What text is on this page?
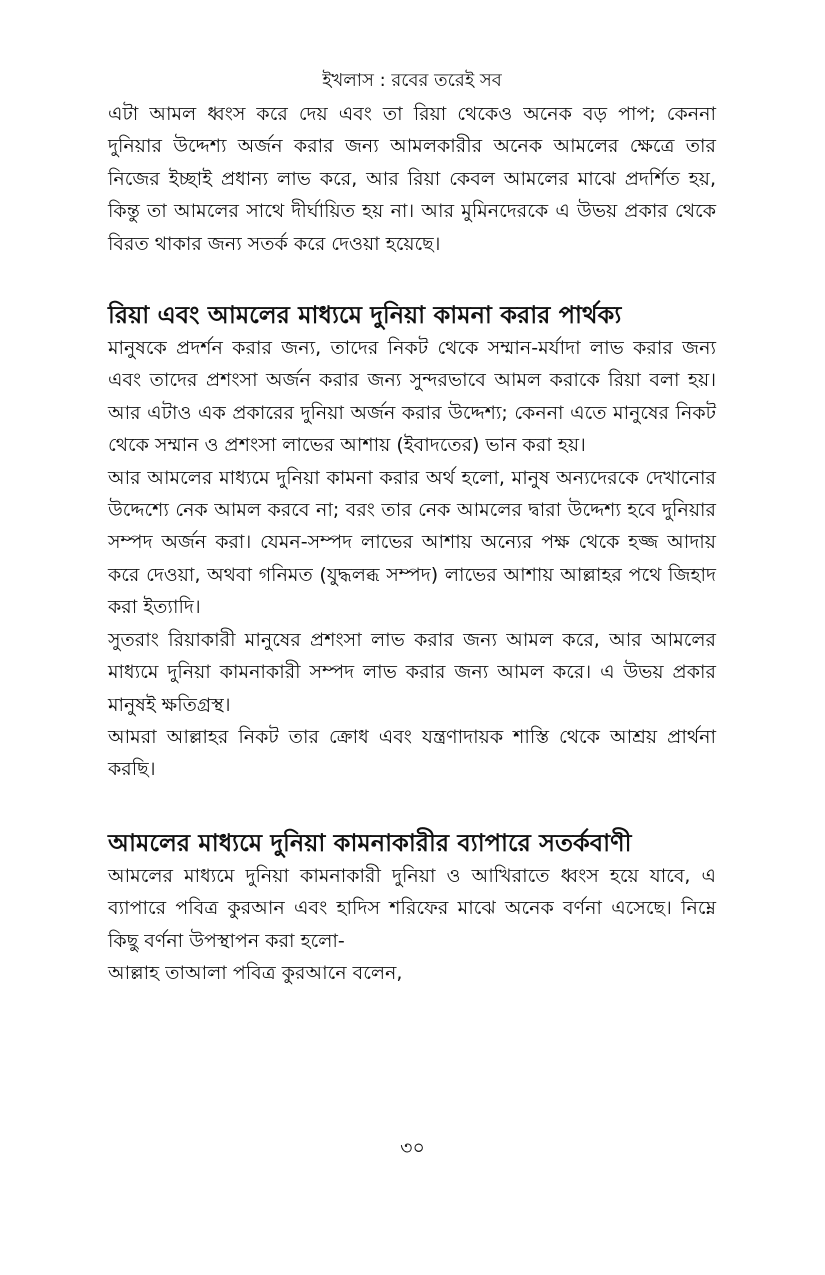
ইখলাস : রবের তরেই সব

এটা আমল ধ্বংস করে দেয় এবং তা রিয়া থেকেও অনেক বড় পাপ; কেননা দুনিয়ার উদ্দেশ্য অর্জন করার জন্য আমলকারীর অনেক আমলের ক্ষেত্রে তার নিজের ইচ্ছাই প্রধান্য লাভ করে, আর রিয়া কেবল আমলের মাঝে প্রদর্শিত হয়, কিন্তু তা আমলের সাথে দীর্ঘায়িত হয় না। আর মুমিনদেরকে এ উভয় প্রকার থেকে বিরত থাকার জন্য সতর্ক করে দেওয়া হয়েছে।

রিয়া এবং আমলের মাধ্যমে দুনিয়া কামনা করার পার্থক্য

মানুষকে প্রদর্শন করার জন্য, তাদের নিকট থেকে সম্মান-মর্যাদা লাভ করার জন্য এবং তাদের প্রশংসা অর্জন করার জন্য সুন্দরভাবে আমল করাকে রিয়া বলা হয়। আর এটাও এক প্রকারের দুনিয়া অর্জন করার উদ্দেশ্য; কেননা এতে মানুষের নিকট থেকে সম্মান ও প্রশংসা লাভের আশায় (ইবাদতের) ভান করা হয়।

আর আমলের মাধ্যমে দুনিয়া কামনা করার অর্থ হলো, মানুষ অন্যদেরকে দেখানোর উদ্দেশ্যে নেক আমল করবে না; বরং তার নেক আমলের দ্বারা উদ্দেশ্য হবে দুনিয়ার সম্পদ অর্জন করা। যেমন-সম্পদ লাভের আশায় অন্যের পক্ষ থেকে হজ্জ আদায় করে দেওয়া, অথবা গনিমত (যুদ্ধলব্ধ সম্পদ) লাভের আশায় আল্লাহর পথে জিহাদ করা ইত্যাদি।

সুতরাং রিয়াকারী মানুষের প্রশংসা লাভ করার জন্য আমল করে, আর আমলের মাধ্যমে দুনিয়া কামনাকারী সম্পদ লাভ করার জন্য আমল করে। এ উভয় প্রকার মানুষই ক্ষতিগ্রস্থ।

আমরা আল্লাহর নিকট তার ক্রোধ এবং যন্ত্রণাদায়ক শাস্তি থেকে আশ্রয় প্রার্থনা করছি।

আমলের মাধ্যমে দুনিয়া কামনাকারীর ব্যাপারে সতর্কবাণী

আমলের মাধ্যমে দুনিয়া কামনাকারী দুনিয়া ও আখিরাতে ধ্বংস হয়ে যাবে, এ ব্যাপারে পবিত্র কুরআন এবং হাদিস শরিফের মাঝে অনেক বর্ণনা এসেছে। নিম্নে কিছু বর্ণনা উপস্থাপন করা হলো-

আল্লাহ তাআলা পবিত্র কুরআনে বলেন,

৩০
